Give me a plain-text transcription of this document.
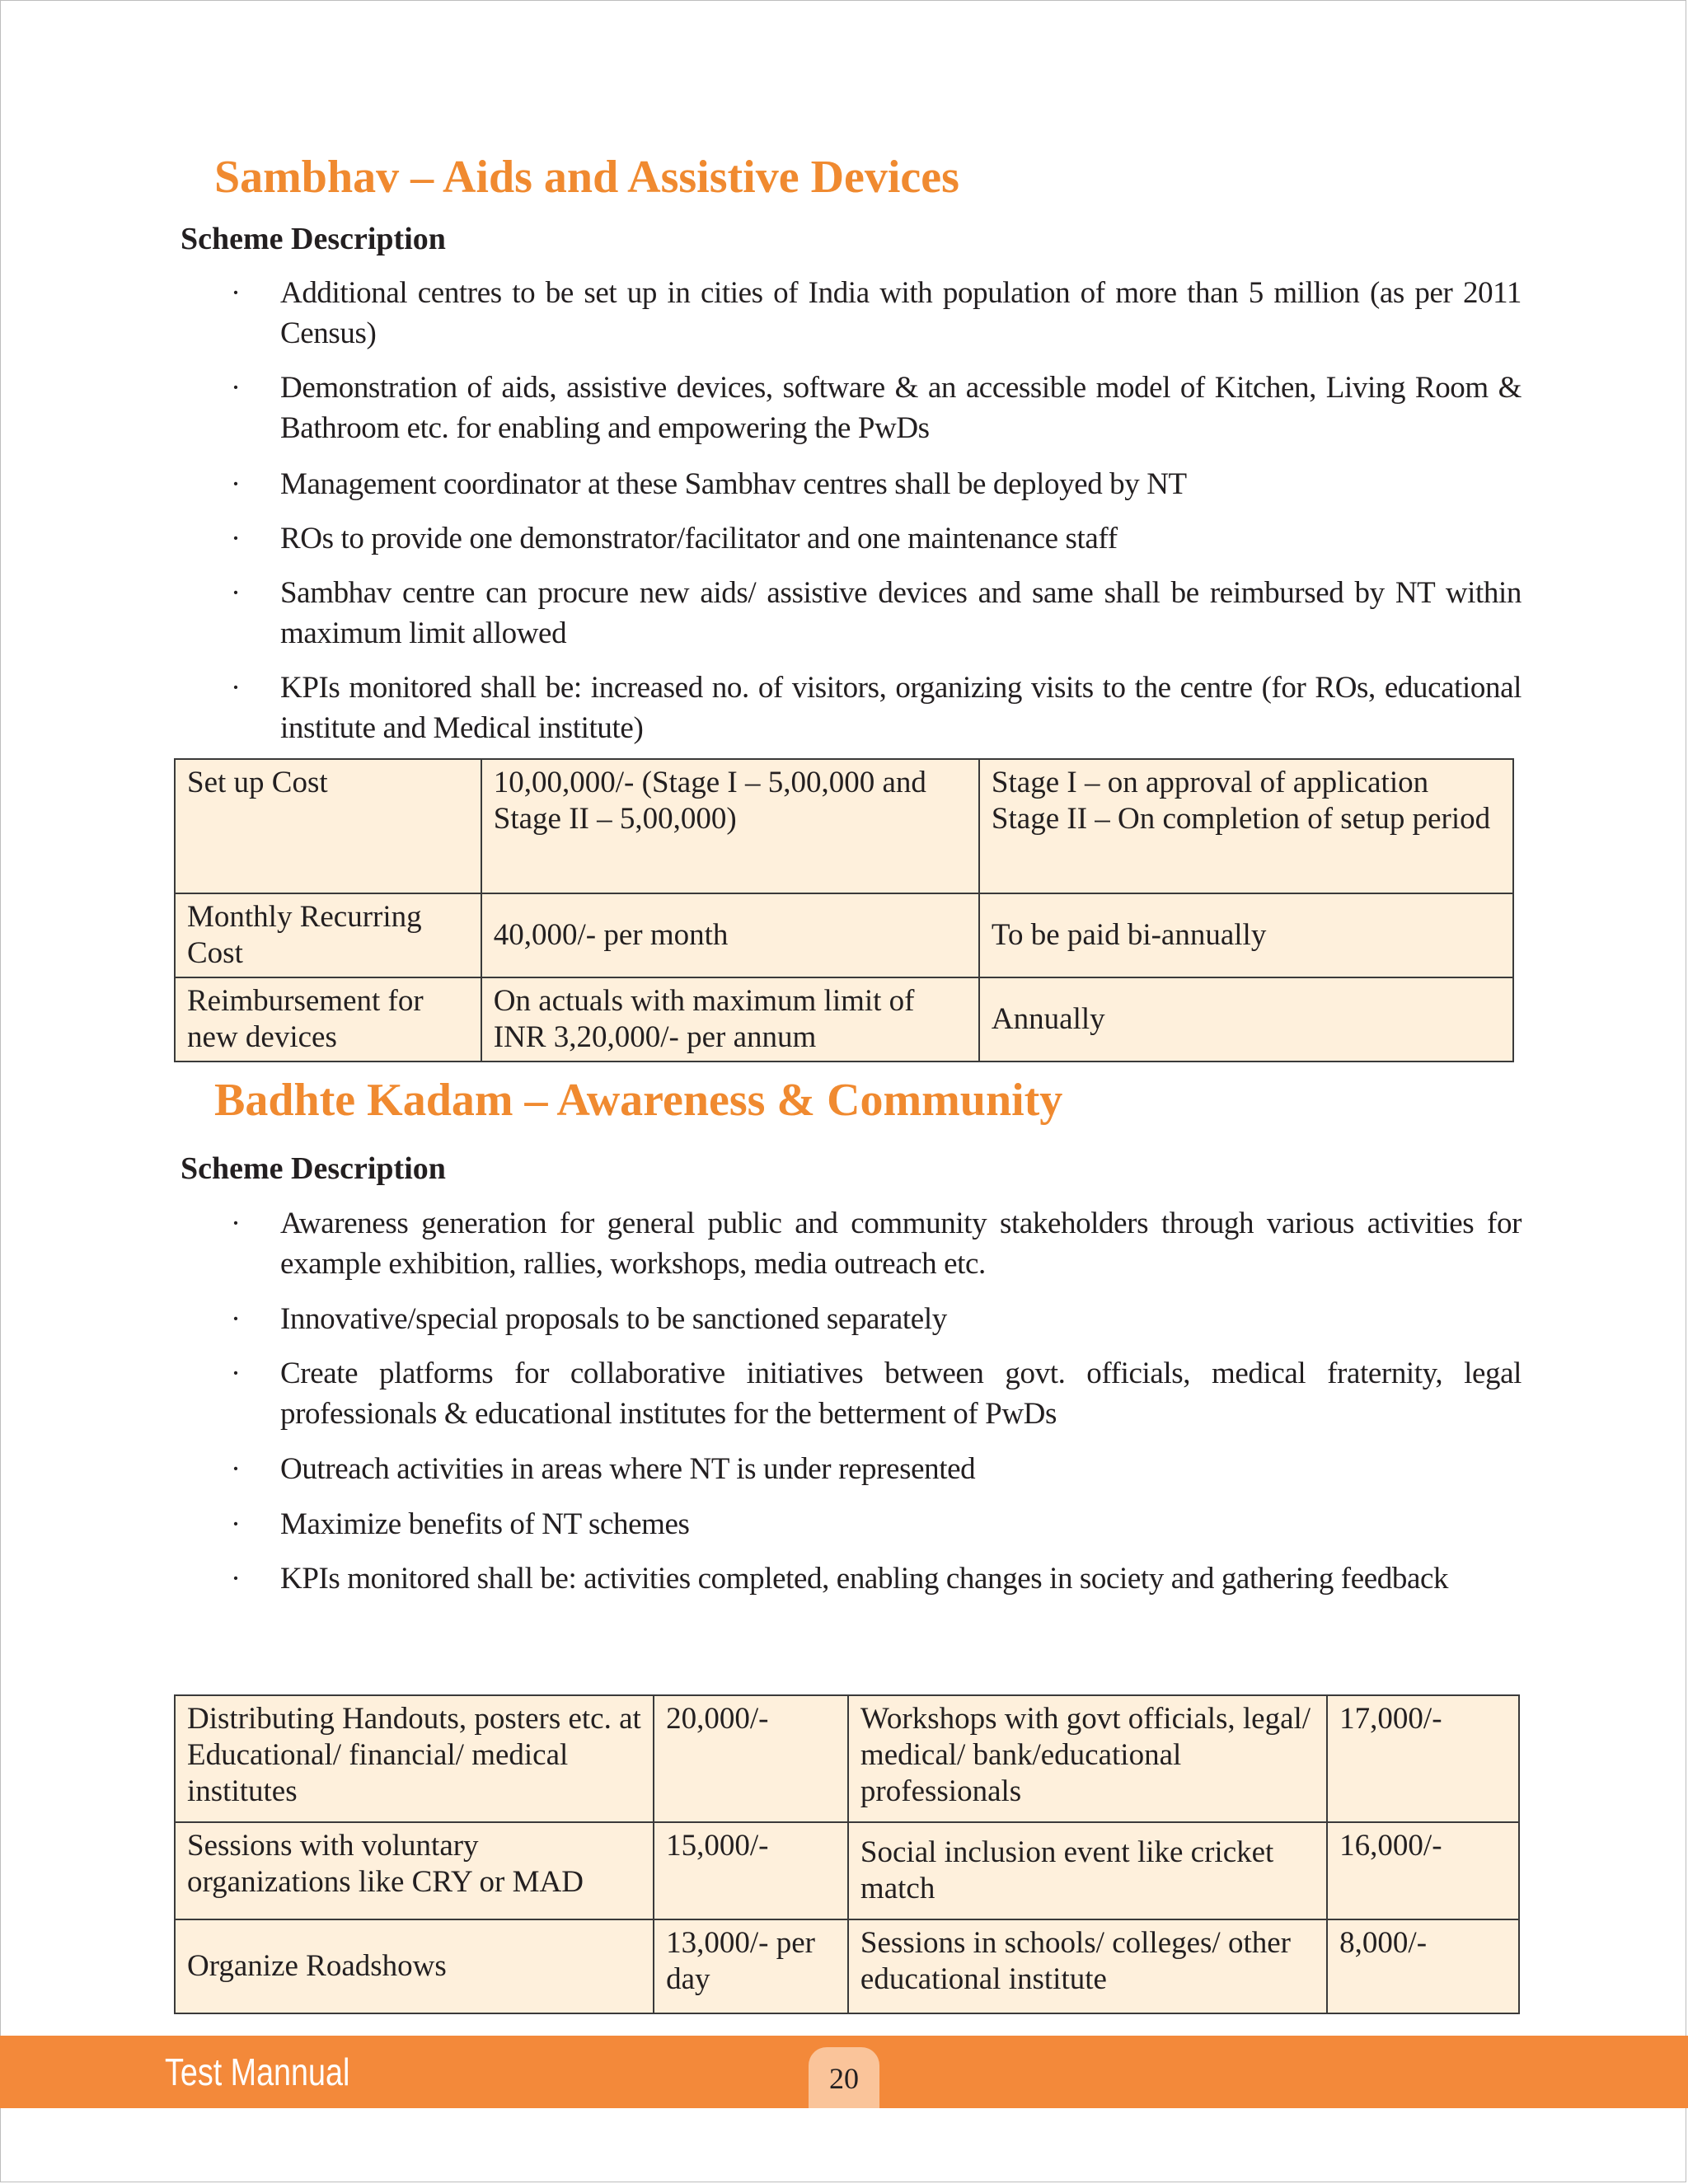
Sambhav – Aids and Assistive Devices
Scheme Description
· Additional centres to be set up in cities of India with population of more than 5 million (as per 2011 Census)
· Demonstration of aids, assistive devices, software & an accessible model of Kitchen, Living Room & Bathroom etc. for enabling and empowering the PwDs
· Management coordinator at these Sambhav centres shall be deployed by NT
· ROs to provide one demonstrator/facilitator and one maintenance staff
· Sambhav centre can procure new aids/ assistive devices and same shall be reimbursed by NT within maximum limit allowed
· KPIs monitored shall be: increased no. of visitors, organizing visits to the centre (for ROs, educational institute and Medical institute)
Set up Cost	10,00,000/- (Stage I – 5,00,000 and Stage II – 5,00,000)	Stage I – on approval of application Stage II – On completion of setup period
Monthly Recurring Cost	40,000/- per month	To be paid bi-annually
Reimbursement for new devices	On actuals with maximum limit of INR 3,20,000/- per annum	Annually
Badhte Kadam – Awareness & Community
Scheme Description
· Awareness generation for general public and community stakeholders through various activities for example exhibition, rallies, workshops, media outreach etc.
· Innovative/special proposals to be sanctioned separately
· Create platforms for collaborative initiatives between govt. officials, medical fraternity, legal professionals & educational institutes for the betterment of PwDs
· Outreach activities in areas where NT is under represented
· Maximize benefits of NT schemes
· KPIs monitored shall be: activities completed, enabling changes in society and gathering feedback
Distributing Handouts, posters etc. at Educational/ financial/ medical institutes	20,000/-	Workshops with govt officials, legal/ medical/ bank/educational professionals	17,000/-
Sessions with voluntary organizations like CRY or MAD	15,000/-	Social inclusion event like cricket match	16,000/-
Organize Roadshows	13,000/- per day	Sessions in schools/ colleges/ other educational institute	8,000/-
Test Mannual	20
